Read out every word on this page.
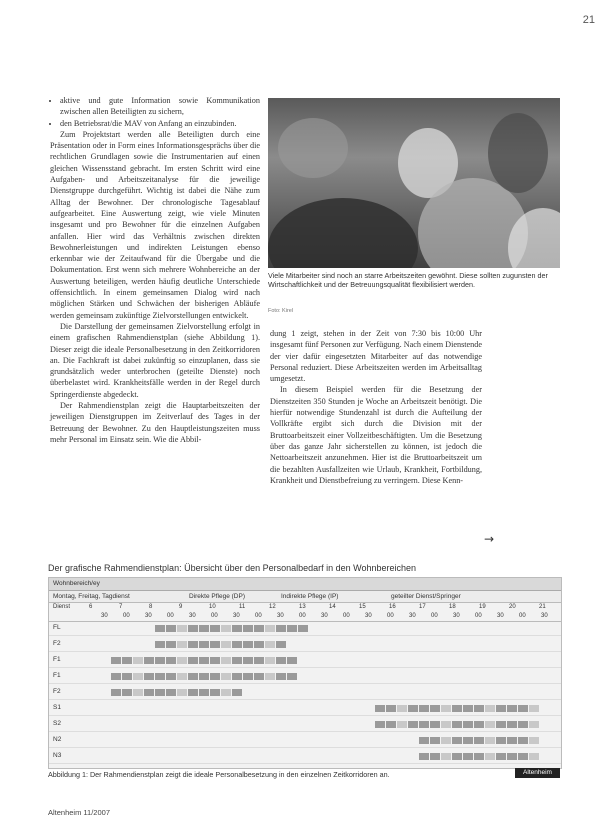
21
• aktive und gute Information sowie Kommunikation zwischen allen Beteiligten zu sichern,
• den Betriebsrat/die MAV von Anfang an einzubinden.

Zum Projektstart werden alle Beteiligten durch eine Präsentation oder in Form eines Informationsgesprächs über die rechtlichen Grundlagen sowie die Instrumentarien auf einen gleichen Wissensstand gebracht. Im ersten Schritt wird eine Aufgaben- und Arbeitszeitanalyse für die jeweilige Dienstgruppe durchgeführt. Wichtig ist dabei die Nähe zum Alltag der Bewohner. Der chronologische Tagesablauf aufgearbeitet. Eine Auswertung zeigt, wie viele Minuten insgesamt und pro Bewohner für die einzelnen Aufgaben anfallen. Hier wird das Verhältnis zwischen direkten Bewohnerleistungen und indirekten Leistungen ebenso erkennbar wie der Zeitaufwand für die Übergabe und die Dokumentation. Erst wenn sich mehrere Wohnbereiche an der Auswertung beteiligen, werden häufig deutliche Unterschiede offensichtlich. In einem gemeinsamen Dialog wird nach möglichen Stärken und Schwächen der bisherigen Abläufe werden gemeinsam zukünftige Zielvorstellungen entwickelt.

Die Darstellung der gemeinsamen Zielvorstellung erfolgt in einem grafischen Rahmendienstplan (siehe Abbildung 1). Dieser zeigt die ideale Personalbesetzung in den Zeitkorridoren an. Die Fachkraft ist dabei zukünftig so einzuplanen, dass sie grundsätzlich weder unterbrochen (geteilte Dienste) noch überbelastet wird. Krankheitsfälle werden in der Regel durch Springerdienste abgedeckt.

Der Rahmendienstplan zeigt die Hauptarbeitszeiten der jeweiligen Dienstgruppen im Zeitverlauf des Tages in der Betreuung der Bewohner. Zu den Hauptleistungszeiten muss mehr Personal im Einsatz sein. Wie die Abbil-

Viele Mitarbeiter sind noch an starre Arbeitszeiten gewöhnt. Diese sollten zugunsten der Wirtschaftlichkeit und der Betreuungsqualität flexibilisiert werden.
Foto: Kirel

dung 1 zeigt, stehen in der Zeit von 7:30 bis 10:00 Uhr insgesamt fünf Personen zur Verfügung. Nach einem Dienstende der vier dafür eingesetzten Mitarbeiter auf das notwendige Personal reduziert. Diese Arbeitszeiten werden im Arbeitsalltag umgesetzt.

In diesem Beispiel werden für die Besetzung der Dienstzeiten 350 Stunden je Woche an Arbeitszeit benötigt. Die hierfür notwendige Stundenzahl ist durch die Aufteilung der Vollkräfte ergibt sich durch die Division mit der Bruttoarbeitszeit einer Vollzeitbeschäftigten. Um die Besetzung über das ganze Jahr sicherstellen zu können, ist jedoch die Nettoarbeitszeit anzunehmen. Hier ist die Bruttoarbeitszeit um die bezahlten Ausfallzeiten wie Urlaub, Krankheit, Fortbildung, Krankheit und Dienstbefreiung zu verringern. Diese Kenn-

→
Der grafische Rahmendienstplan: Übersicht über den Personalbedarf in den Wohnbereichen
Wohnbereich/ey
Montag, Freitag, Tagdienst	Direkte Pflege (DP)	Indirekte Pflege (IP)	geteilter Dienst/Springer
Dienst	6	7	8	9	10	11	12	13	14	15	16	17	18	19	20	21
30	00	30	00	30	00	30	00	30	00	30	00	30	00	30	00	30	00	30	00	30
FL
F2
F1
F1
F2
S1
S2
N2
N3
Abbildung 1: Der Rahmendienstplan zeigt die ideale Personalbesetzung in den einzelnen Zeitkorridoren an.	Altenheim
Altenheim 11/2007
